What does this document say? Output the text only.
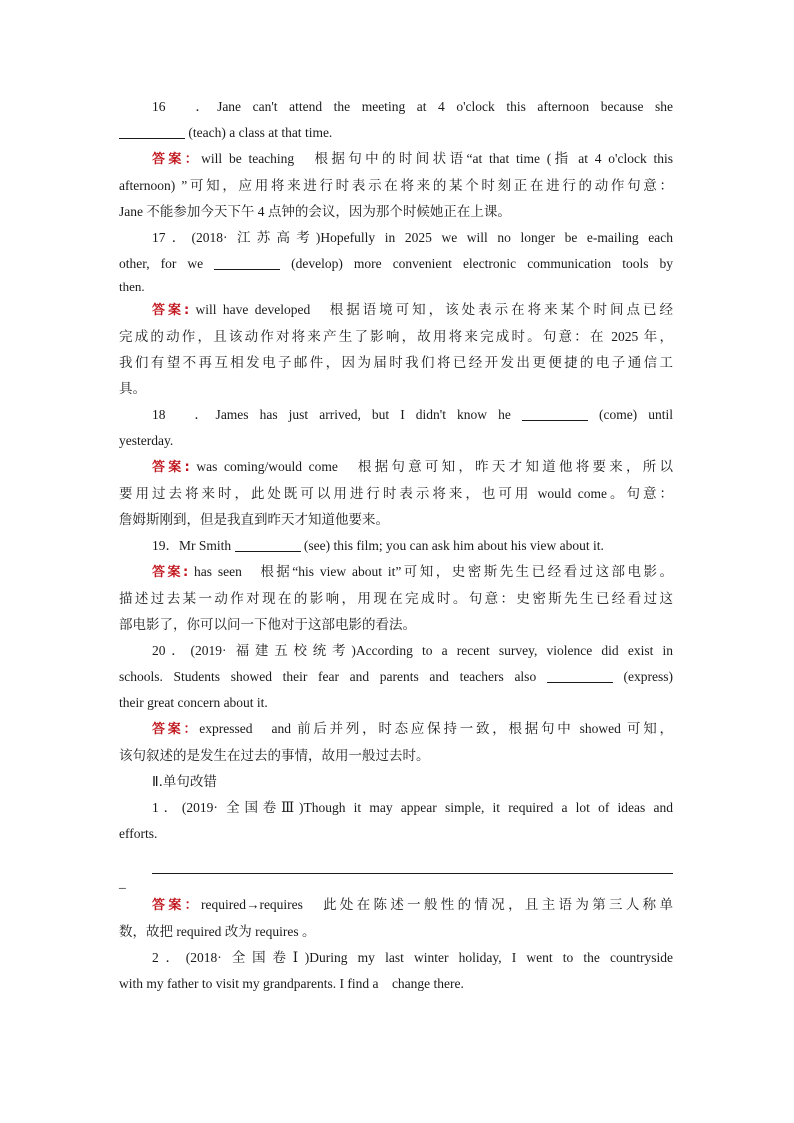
16　．Jane can't attend the meeting at 4 o'clock this afternoon because she
(teach) a class at that time.
答案：will be teaching　根据句中的时间状语“at that time (指 at 4 o'clock this
afternoon) ”可知，应用将来进行时表示在将来的某个时刻正在进行的动作句意：
Jane 不能参加今天下午 4 点钟的会议，因为那个时候她正在上课。
17．(2018· 江苏高考)Hopefully in 2025 we will no longer be e-mailing each
other, for we	(develop) more convenient electronic communication tools by
then.
答案: will have developed　根据语境可知，该处表示在将来某个时间点已经
完成的动作，且该动作对将来产生了影响，故用将来完成时。句意：在 2025 年，
我们有望不再互相发电子邮件，因为届时我们将已经开发出更便捷的电子通信工
具。
18　．James has just arrived, but I didn't know he	(come) until
yesterday.
答案: was coming/would come　根据句意可知，昨天才知道他将要来，所以
要用过去将来时，此处既可以用进行时表示将来，也可用 would come。句意：
詹姆斯刚到，但是我直到昨天才知道他要来。
19．Mr Smith	(see) this film; you can ask him about his view about it.
答案: has seen　根据“his view about it”可知，史密斯先生已经看过这部电影。
描述过去某一动作对现在的影响，用现在完成时。句意：史密斯先生已经看过这
部电影了，你可以问一下他对于这部电影的看法。
20．(2019· 福建五校统考)According to a recent survey, violence did exist in
schools. Students showed their fear and parents and teachers also	(express)
their great concern about it.
答案：expressed　and 前后并列，时态应保持一致，根据句中 showed 可知，
该句叙述的是发生在过去的事情，故用一般过去时。
Ⅱ.单句改错
1．(2019· 全国卷Ⅲ)Though it may appear simple, it required a lot of ideas and
efforts.
_
答案：required→requires　此处在陈述一般性的情况，且主语为第三人称单
数，故把 required 改为 requires 。
2．(2018· 全国卷Ⅰ)During my last winter holiday, I went to the countryside
with my father to visit my grandparents. I find a　change there.
